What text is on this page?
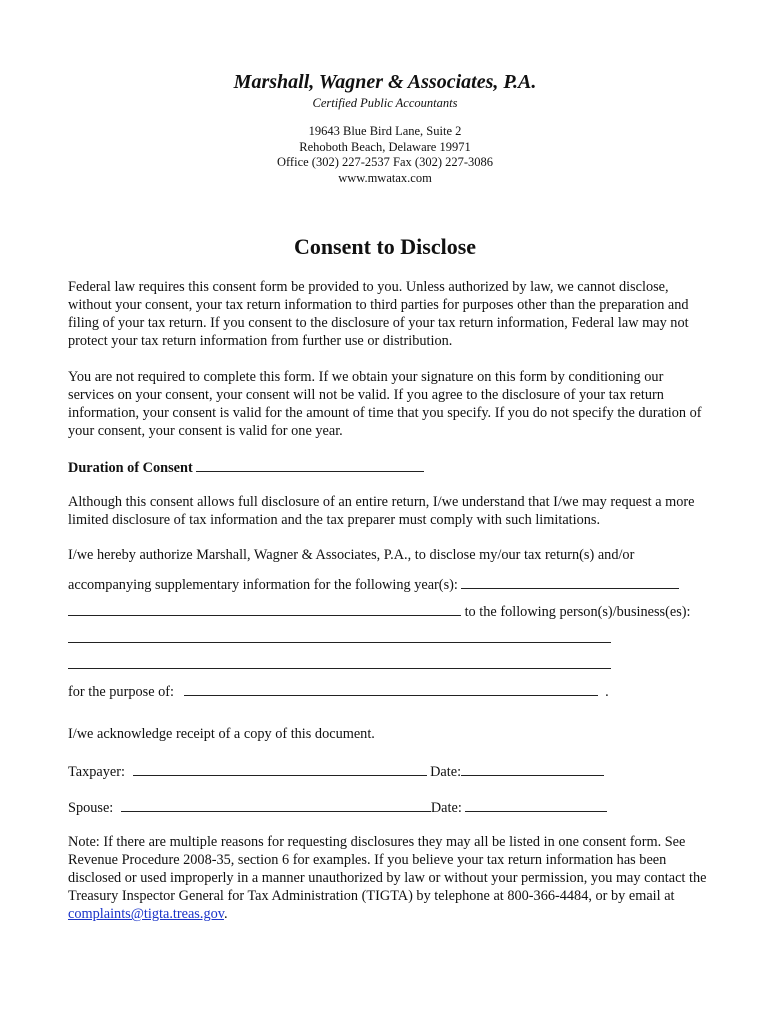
Marshall, Wagner & Associates, P.A.
Certified Public Accountants
19643 Blue Bird Lane, Suite 2
Rehoboth Beach, Delaware 19971
Office (302) 227-2537 Fax (302) 227-3086
www.mwatax.com
Consent to Disclose

Federal law requires this consent form be provided to you. Unless authorized by law, we cannot disclose, without your consent, your tax return information to third parties for purposes other than the preparation and filing of your tax return. If you consent to the disclosure of your tax return information, Federal law may not protect your tax return information from further use or distribution.

You are not required to complete this form. If we obtain your signature on this form by conditioning our services on your consent, your consent will not be valid. If you agree to the disclosure of your tax return information, your consent is valid for the amount of time that you specify. If you do not specify the duration of your consent, your consent is valid for one year.

Duration of Consent

Although this consent allows full disclosure of an entire return, I/we understand that I/we may request a more limited disclosure of tax information and the tax preparer must comply with such limitations.

I/we hereby authorize Marshall, Wagner & Associates, P.A., to disclose my/our tax return(s) and/or

accompanying supplementary information for the following year(s):
to the following person(s)/business(es):
for the purpose of:	.
I/we acknowledge receipt of a copy of this document.
Taxpayer:	Date:
Spouse:	Date:

Note: If there are multiple reasons for requesting disclosures they may all be listed in one consent form. See Revenue Procedure 2008-35, section 6 for examples. If you believe your tax return information has been disclosed or used improperly in a manner unauthorized by law or without your permission, you may contact the Treasury Inspector General for Tax Administration (TIGTA) by telephone at 800-366-4484, or by email at complaints@tigta.treas.gov.
